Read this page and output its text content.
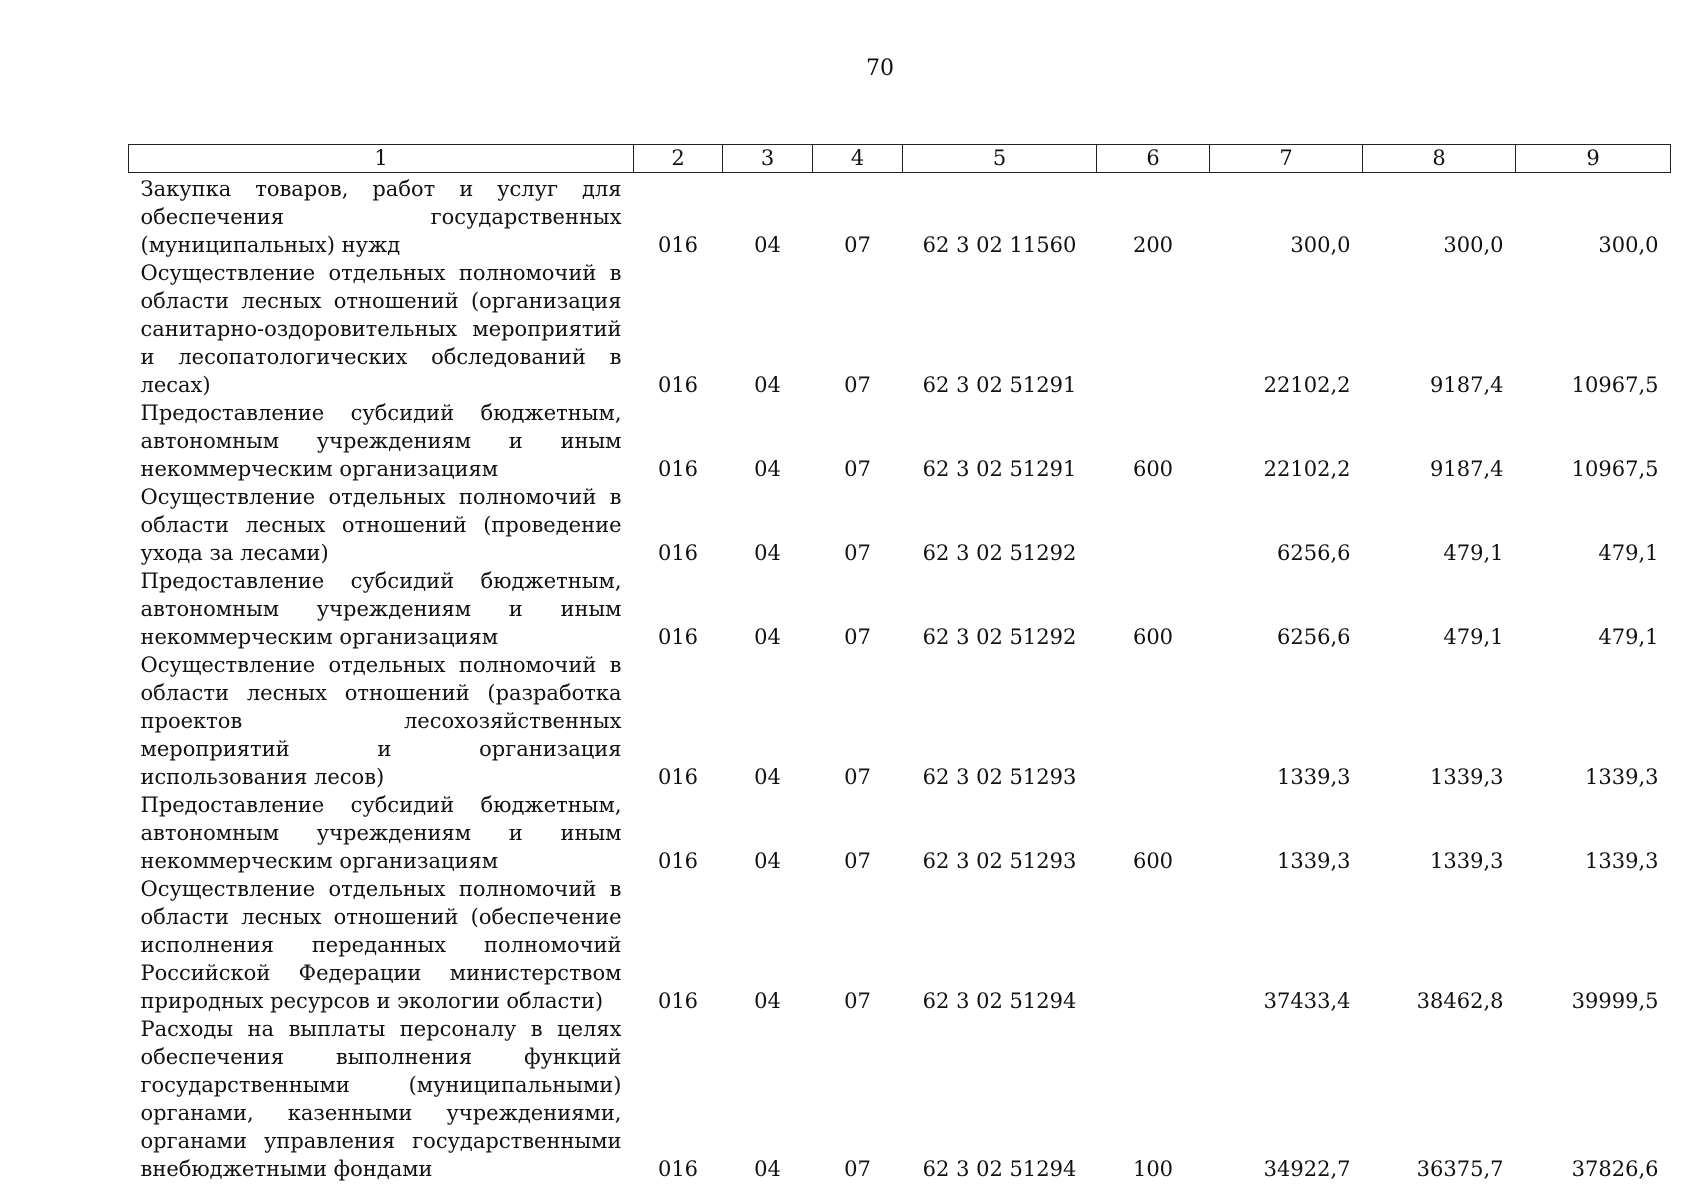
70
1	2	3	4	5	6	7	8	9
Закупка товаров, работ и услуг для обеспечения государственных (муниципальных) нужд	016	04	07	62 3 02 11560	200	300,0	300,0	300,0
Осуществление отдельных полномочий в области лесных отношений (организация санитарно-оздоровительных мероприятий и лесопатологических обследований в лесах)	016	04	07	62 3 02 51291		22102,2	9187,4	10967,5
Предоставление субсидий бюджетным, автономным учреждениям и иным некоммерческим организациям	016	04	07	62 3 02 51291	600	22102,2	9187,4	10967,5
Осуществление отдельных полномочий в области лесных отношений (проведение ухода за лесами)	016	04	07	62 3 02 51292		6256,6	479,1	479,1
Предоставление субсидий бюджетным, автономным учреждениям и иным некоммерческим организациям	016	04	07	62 3 02 51292	600	6256,6	479,1	479,1
Осуществление отдельных полномочий в области лесных отношений (разработка проектов лесохозяйственных мероприятий и организация использования лесов)	016	04	07	62 3 02 51293		1339,3	1339,3	1339,3
Предоставление субсидий бюджетным, автономным учреждениям и иным некоммерческим организациям	016	04	07	62 3 02 51293	600	1339,3	1339,3	1339,3
Осуществление отдельных полномочий в области лесных отношений (обеспечение исполнения переданных полномочий Российской Федерации министерством природных ресурсов и экологии области)	016	04	07	62 3 02 51294		37433,4	38462,8	39999,5
Расходы на выплаты персоналу в целях обеспечения выполнения функций государственными (муниципальными) органами, казенными учреждениями, органами управления государственными внебюджетными фондами	016	04	07	62 3 02 51294	100	34922,7	36375,7	37826,6
